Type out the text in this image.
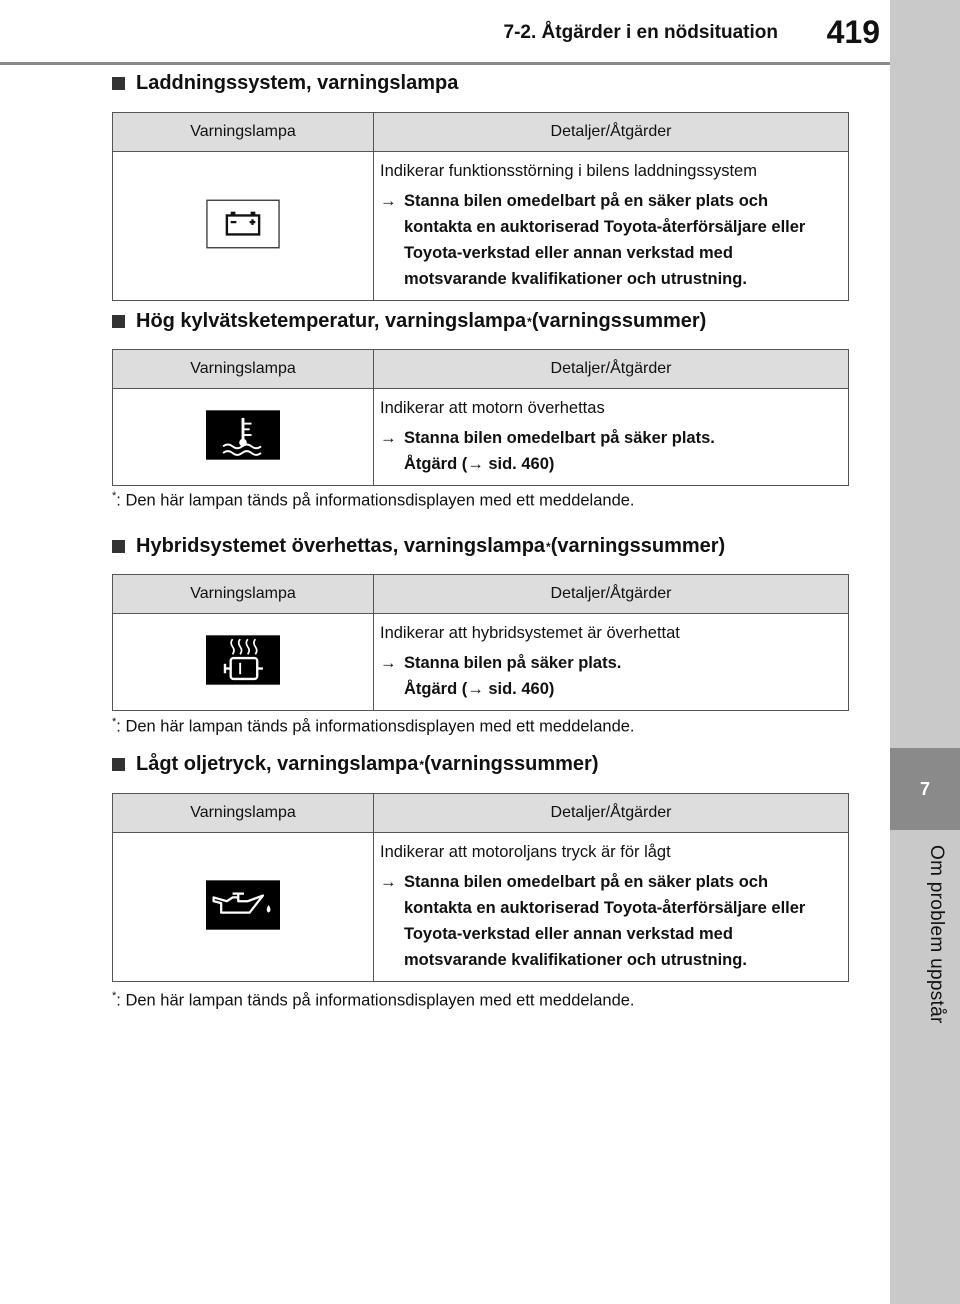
7-2. Åtgärder i en nödsituation 419
7
Om problem uppstår
Laddningssystem, varningslampa
Varningslampa	Detaljer/Åtgärder

Indikerar funktionsstörning i bilens laddningssystem
→ Stanna bilen omedelbart på en säker plats och kontakta en auktoriserad Toyota-återförsäljare eller Toyota-verkstad eller annan verkstad med motsvarande kvalifikationer och utrustning.
Hög kylvätsketemperatur, varningslampa * (varningssummer)
Varningslampa	Detaljer/Åtgärder

Indikerar att motorn överhettas
→ Stanna bilen omedelbart på säker plats.
Åtgärd (→ sid. 460)
*: Den här lampan tänds på informationsdisplayen med ett meddelande.
Hybridsystemet överhettas, varningslampa * (varningssummer)
Varningslampa	Detaljer/Åtgärder

Indikerar att hybridsystemet är överhettat
→ Stanna bilen på säker plats.
Åtgärd (→ sid. 460)
*: Den här lampan tänds på informationsdisplayen med ett meddelande.
Lågt oljetryck, varningslampa * (varningssummer)
Varningslampa	Detaljer/Åtgärder

Indikerar att motoroljans tryck är för lågt
→ Stanna bilen omedelbart på en säker plats och kontakta en auktoriserad Toyota-återförsäljare eller Toyota-verkstad eller annan verkstad med motsvarande kvalifikationer och utrustning.
*: Den här lampan tänds på informationsdisplayen med ett meddelande.
